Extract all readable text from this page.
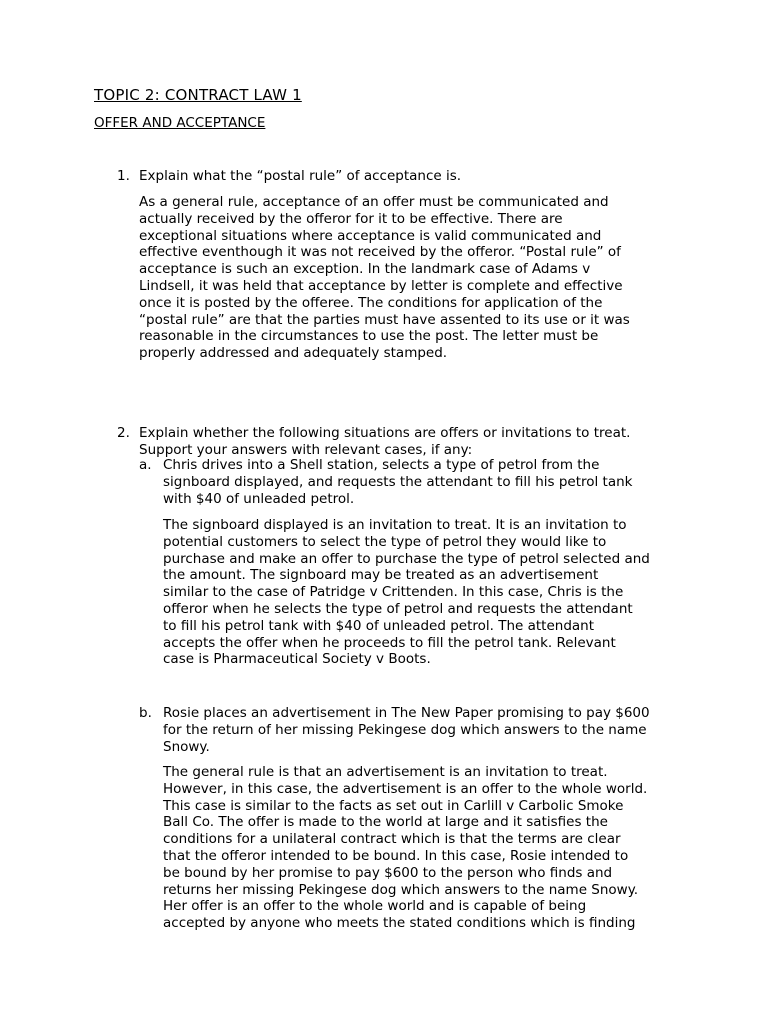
TOPIC 2: CONTRACT LAW 1
OFFER AND ACCEPTANCE
1. Explain what the “postal rule” of acceptance is.

As a general rule, acceptance of an offer must be communicated and
actually received by the offeror for it to be effective. There are
exceptional situations where acceptance is valid communicated and
effective eventhough it was not received by the offeror. “Postal rule” of
acceptance is such an exception. In the landmark case of Adams v
Lindsell, it was held that acceptance by letter is complete and effective
once it is posted by the offeree. The conditions for application of the
“postal rule” are that the parties must have assented to its use or it was
reasonable in the circumstances to use the post. The letter must be
properly addressed and adequately stamped.

2. Explain whether the following situations are offers or invitations to treat.
Support your answers with relevant cases, if any:

a. Chris drives into a Shell station, selects a type of petrol from the
signboard displayed, and requests the attendant to fill his petrol tank
with $40 of unleaded petrol.

The signboard displayed is an invitation to treat. It is an invitation to
potential customers to select the type of petrol they would like to
purchase and make an offer to purchase the type of petrol selected and
the amount. The signboard may be treated as an advertisement
similar to the case of Patridge v Crittenden. In this case, Chris is the
offeror when he selects the type of petrol and requests the attendant
to fill his petrol tank with $40 of unleaded petrol. The attendant
accepts the offer when he proceeds to fill the petrol tank. Relevant
case is Pharmaceutical Society v Boots.

b. Rosie places an advertisement in The New Paper promising to pay $600
for the return of her missing Pekingese dog which answers to the name
Snowy.

The general rule is that an advertisement is an invitation to treat.
However, in this case, the advertisement is an offer to the whole world.
This case is similar to the facts as set out in Carlill v Carbolic Smoke
Ball Co. The offer is made to the world at large and it satisfies the
conditions for a unilateral contract which is that the terms are clear
that the offeror intended to be bound. In this case, Rosie intended to
be bound by her promise to pay $600 to the person who finds and
returns her missing Pekingese dog which answers to the name Snowy.
Her offer is an offer to the whole world and is capable of being
accepted by anyone who meets the stated conditions which is finding
